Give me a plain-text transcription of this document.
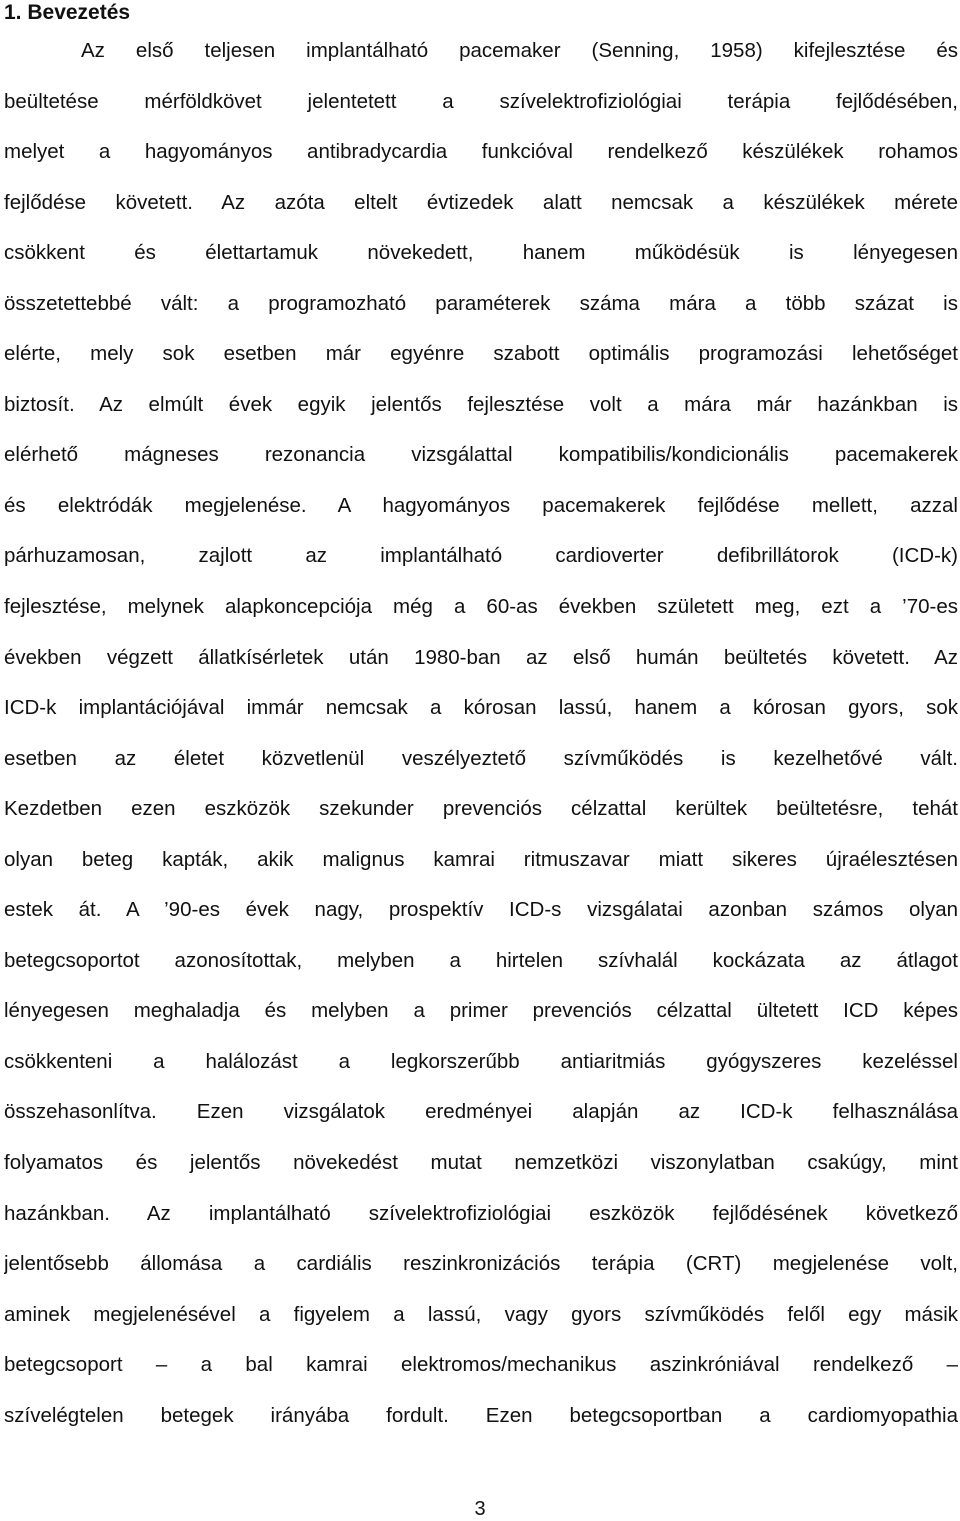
1. Bevezetés
Az első teljesen implantálható pacemaker (Senning, 1958) kifejlesztése és
beültetése mérföldkövet jelentetett a szívelektrofiziológiai terápia fejlődésében,
melyet a hagyományos antibradycardia funkcióval rendelkező készülékek rohamos
fejlődése követett. Az azóta eltelt évtizedek alatt nemcsak a készülékek mérete
csökkent és élettartamuk növekedett, hanem működésük is lényegesen
összetettebbé vált: a programozható paraméterek száma mára a több százat is
elérte, mely sok esetben már egyénre szabott optimális programozási lehetőséget
biztosít. Az elmúlt évek egyik jelentős fejlesztése volt a mára már hazánkban is
elérhető mágneses rezonancia vizsgálattal kompatibilis/kondicionális pacemakerek
és elektródák megjelenése. A hagyományos pacemakerek fejlődése mellett, azzal
párhuzamosan, zajlott az implantálható cardioverter defibrillátorok (ICD-k)
fejlesztése, melynek alapkoncepciója még a 60-as években született meg, ezt a ’70-es
években végzett állatkísérletek után 1980-ban az első humán beültetés követett. Az
ICD-k implantációjával immár nemcsak a kórosan lassú, hanem a kórosan gyors, sok
esetben az életet közvetlenül veszélyeztető szívműködés is kezelhetővé vált.
Kezdetben ezen eszközök szekunder prevenciós célzattal kerültek beültetésre, tehát
olyan beteg kapták, akik malignus kamrai ritmuszavar miatt sikeres újraélesztésen
estek át. A ’90-es évek nagy, prospektív ICD-s vizsgálatai azonban számos olyan
betegcsoportot azonosítottak, melyben a hirtelen szívhalál kockázata az átlagot
lényegesen meghaladja és melyben a primer prevenciós célzattal ültetett ICD képes
csökkenteni a halálozást a legkorszerűbb antiaritmiás gyógyszeres kezeléssel
összehasonlítva. Ezen vizsgálatok eredményei alapján az ICD-k felhasználása
folyamatos és jelentős növekedést mutat nemzetközi viszonylatban csakúgy, mint
hazánkban. Az implantálható szívelektrofiziológiai eszközök fejlődésének következő
jelentősebb állomása a cardiális reszinkronizációs terápia (CRT) megjelenése volt,
aminek megjelenésével a figyelem a lassú, vagy gyors szívműködés felől egy másik
betegcsoport – a bal kamrai elektromos/mechanikus aszinkróniával rendelkező –
szívelégtelen betegek irányába fordult. Ezen betegcsoportban a cardiomyopathia
3
